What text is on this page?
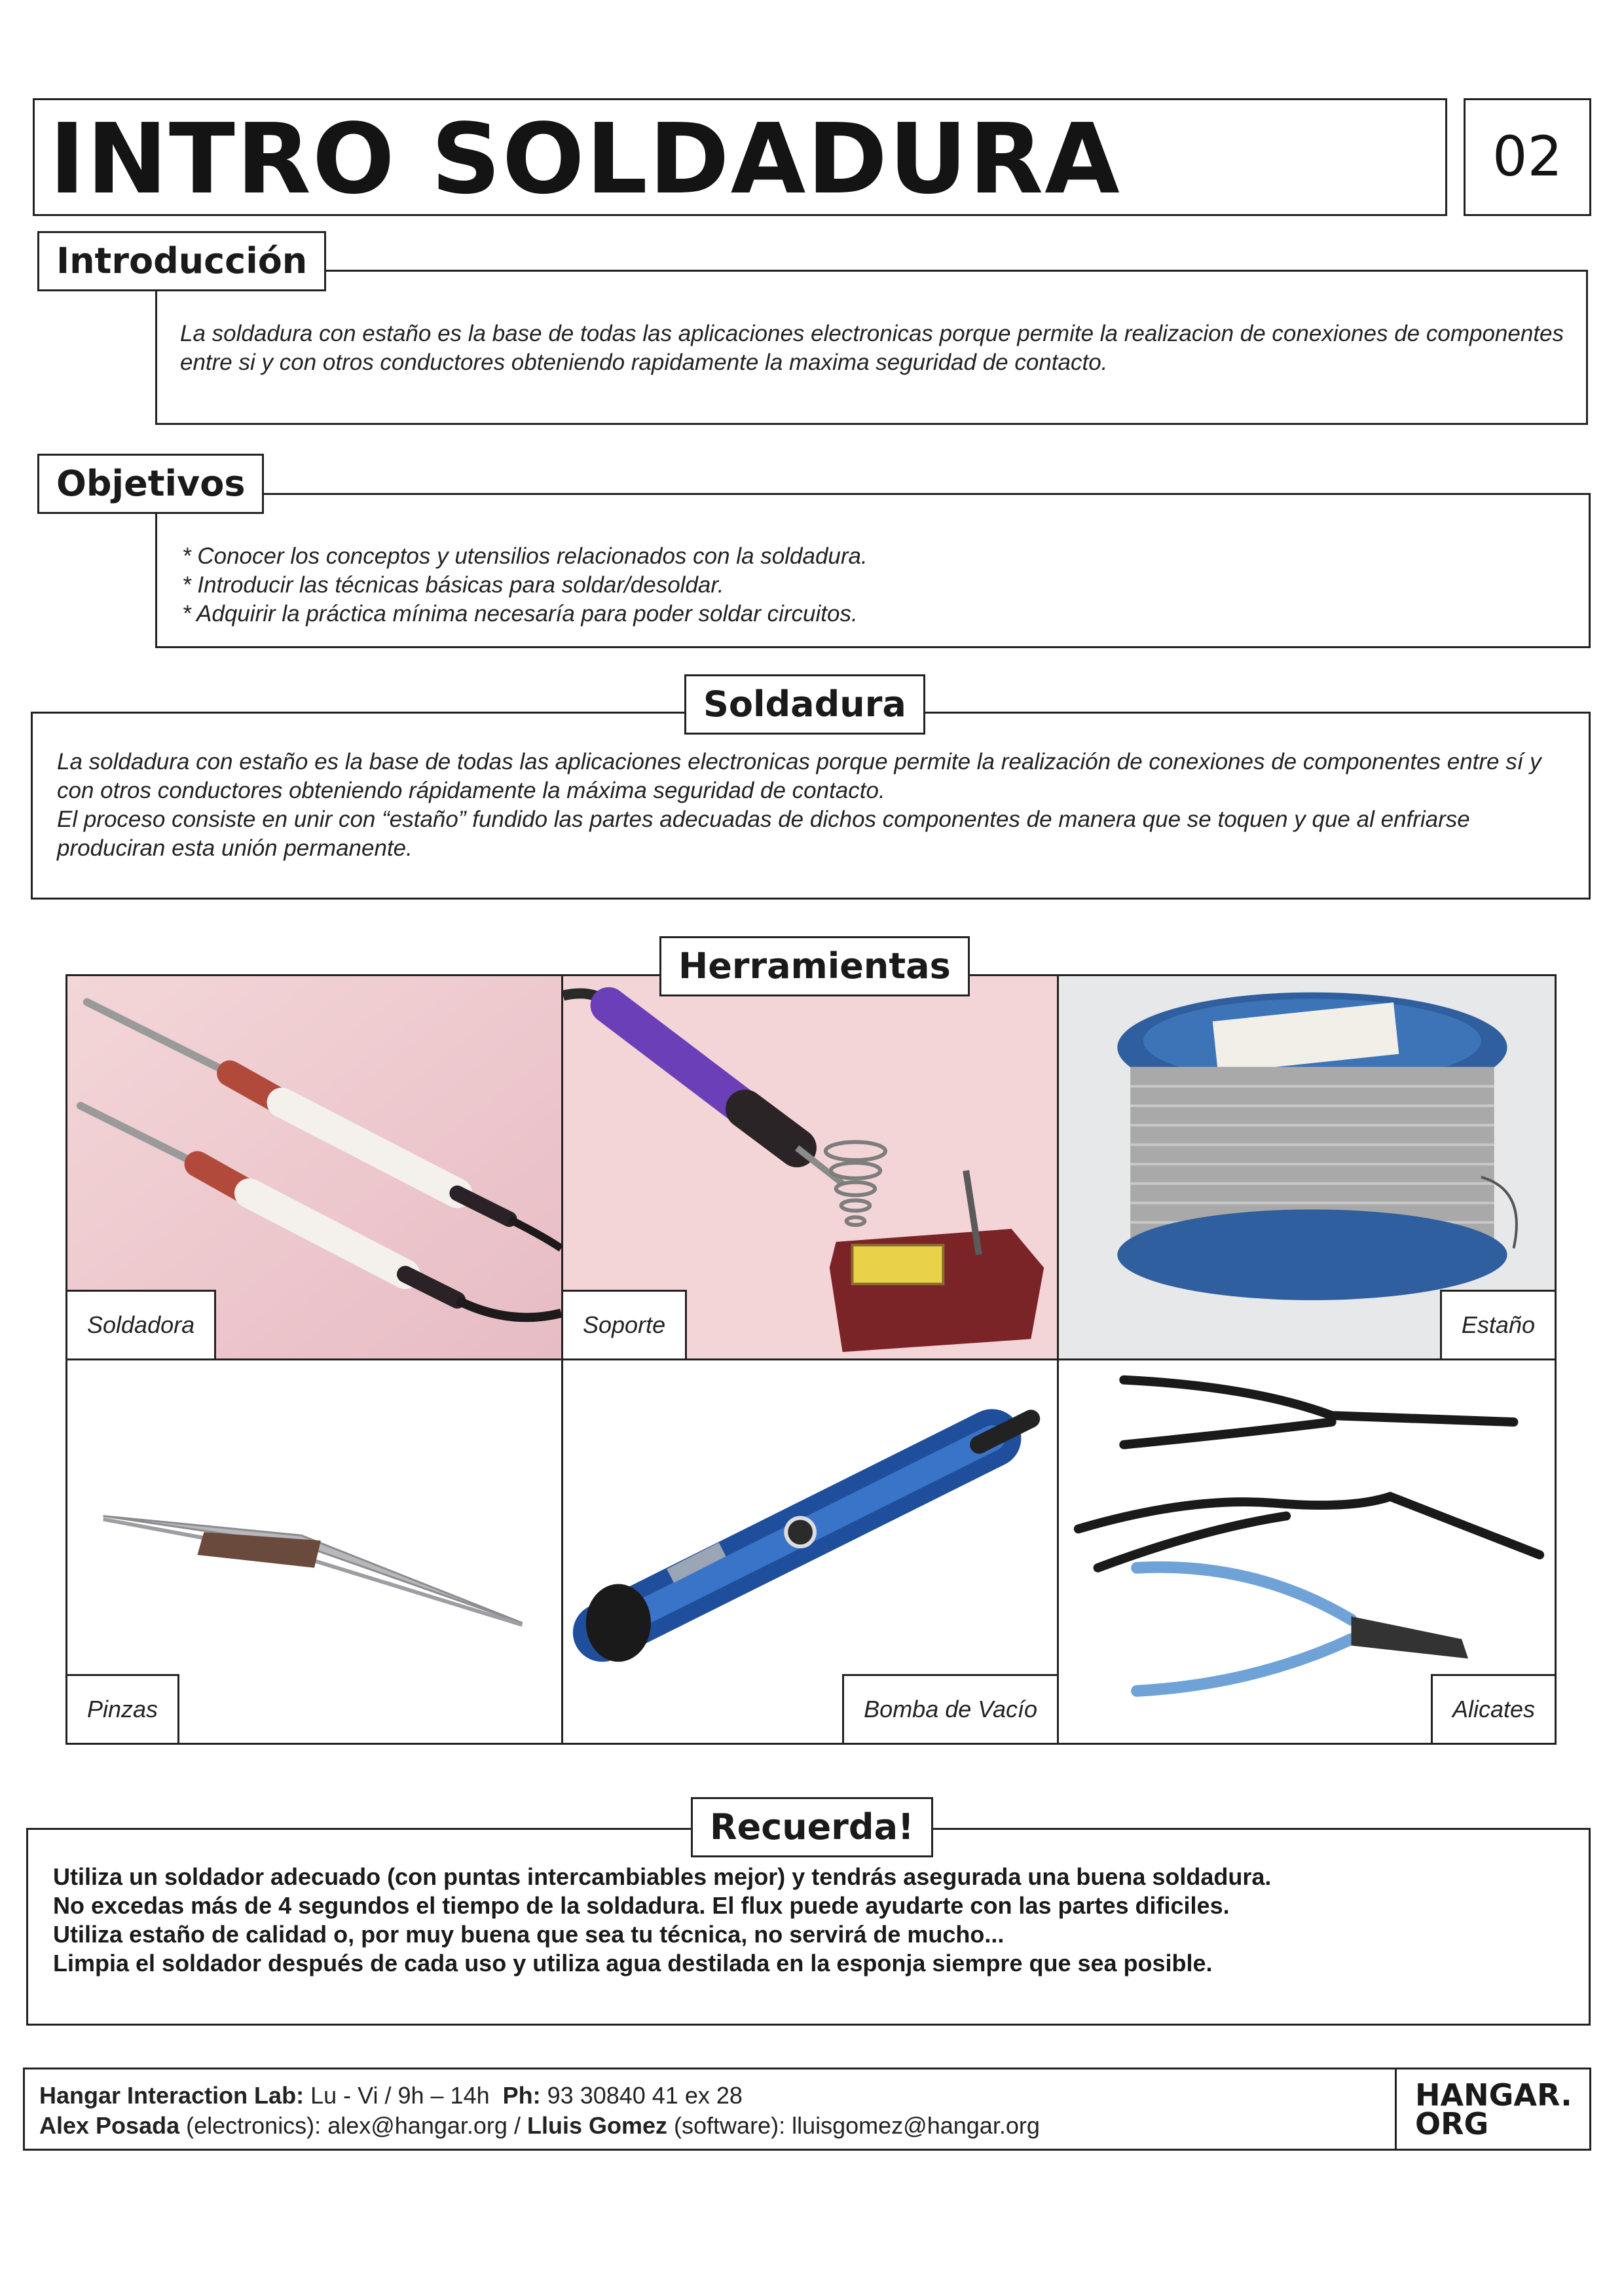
INTRO SOLDADURA	02
La soldadura con estaño es la base de todas las aplicaciones electronicas porque permite la realizacion de conexiones de componentes entre si y con otros conductores obteniendo rapidamente la maxima seguridad de contacto.
Introducción

* Conocer los conceptos y utensilios relacionados con la soldadura.

* Introducir las técnicas básicas para soldar/desoldar.

* Adquirir la práctica mínima necesaría para poder soldar circuitos.

Objetivos

La soldadura con estaño es la base de todas las aplicaciones electronicas porque permite la realización de conexiones de componentes entre sí y con otros conductores obteniendo rápidamente la máxima seguridad de contacto.

El proceso consiste en unir con “estaño” fundido las partes adecuadas de dichos componentes de manera que se toquen y que al enfriarse produciran esta unión permanente.

Soldadura
Soldadora	Soporte	Estaño
Pinzas	Bomba de Vacío	Alicates
Herramientas

Utiliza un soldador adecuado (con puntas intercambiables mejor) y tendrás asegurada una buena soldadura.

No excedas más de 4 segundos el tiempo de la soldadura. El flux puede ayudarte con las partes dificiles.

Utiliza estaño de calidad o, por muy buena que sea tu técnica, no servirá de mucho...

Limpia el soldador después de cada uso y utiliza agua destilada en la esponja siempre que sea posible.

Recuerda!
Hangar Interaction Lab: Lu - Vi / 9h – 14h Ph: 93 30840 41 ex 28
Alex Posada (electronics): alex@hangar.org / Lluis Gomez (software): lluisgomez@hangar.org
HANGAR.
ORG
